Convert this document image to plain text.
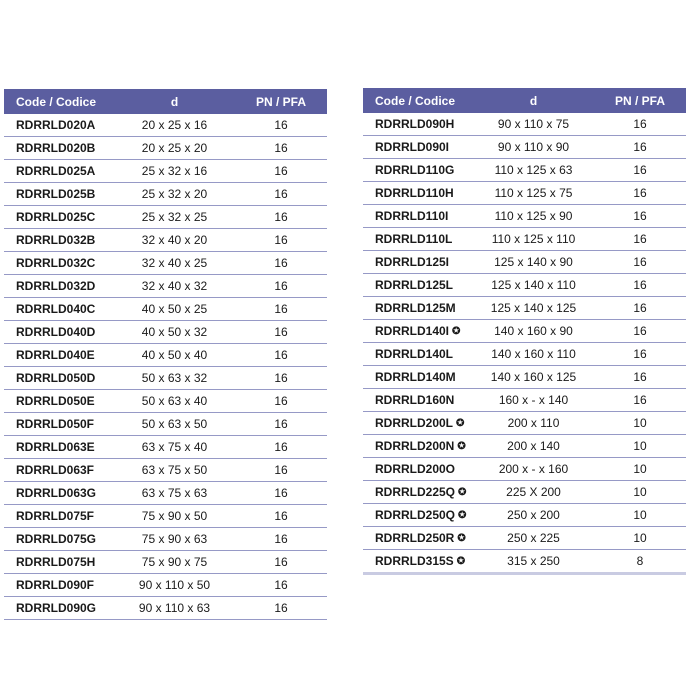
Code / Codice	d	PN / PFA
RDRRLD020A	20 x 25 x 16	16
RDRRLD020B	20 x 25 x 20	16
RDRRLD025A	25 x 32 x 16	16
RDRRLD025B	25 x 32 x 20	16
RDRRLD025C	25 x 32 x 25	16
RDRRLD032B	32 x 40 x 20	16
RDRRLD032C	32 x 40 x 25	16
RDRRLD032D	32 x 40 x 32	16
RDRRLD040C	40 x 50 x 25	16
RDRRLD040D	40 x 50 x 32	16
RDRRLD040E	40 x 50 x 40	16
RDRRLD050D	50 x 63 x 32	16
RDRRLD050E	50 x 63 x 40	16
RDRRLD050F	50 x 63 x 50	16
RDRRLD063E	63 x 75 x 40	16
RDRRLD063F	63 x 75 x 50	16
RDRRLD063G	63 x 75 x 63	16
RDRRLD075F	75 x 90 x 50	16
RDRRLD075G	75 x 90 x 63	16
RDRRLD075H	75 x 90 x 75	16
RDRRLD090F	90 x 110 x 50	16
RDRRLD090G	90 x 110 x 63	16
Code / Codice	d	PN / PFA
RDRRLD090H	90 x 110 x 75	16
RDRRLD090I	90 x 110 x 90	16
RDRRLD110G	110 x 125 x 63	16
RDRRLD110H	110 x 125 x 75	16
RDRRLD110I	110 x 125 x 90	16
RDRRLD110L	110 x 125 x 110	16
RDRRLD125I	125 x 140 x 90	16
RDRRLD125L	125 x 140 x 110	16
RDRRLD125M	125 x 140 x 125	16
RDRRLD140I ✪	140 x 160 x 90	16
RDRRLD140L	140 x 160 x 110	16
RDRRLD140M	140 x 160 x 125	16
RDRRLD160N	160 x - x 140	16
RDRRLD200L ✪	200 x 110	10
RDRRLD200N ✪	200 x 140	10
RDRRLD200O	200 x - x 160	10
RDRRLD225Q ✪	225 X 200	10
RDRRLD250Q ✪	250 x 200	10
RDRRLD250R ✪	250 x 225	10
RDRRLD315S ✪	315 x 250	8
